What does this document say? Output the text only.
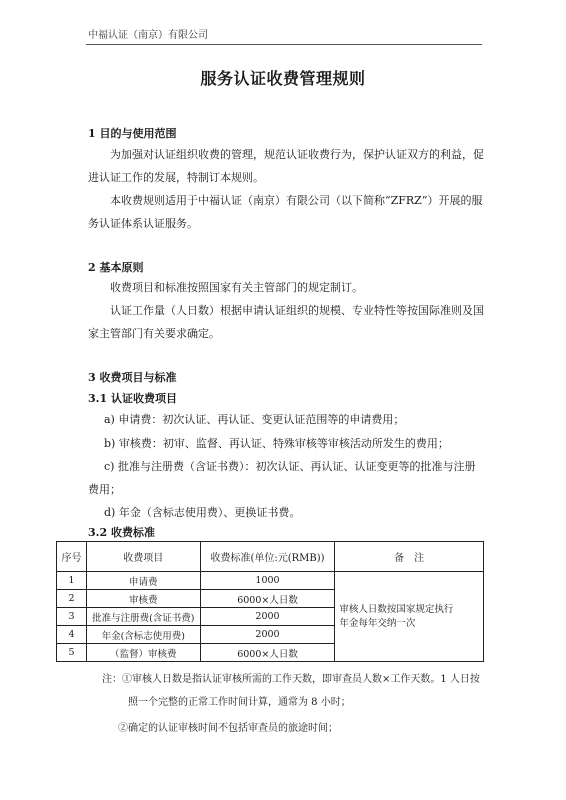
中福认证（南京）有限公司
服务认证收费管理规则
1 目的与使用范围
为加强对认证组织收费的管理，规范认证收费行为，保护认证双方的利益，促进认证工作的发展，特制订本规则。
本收费规则适用于中福认证（南京）有限公司（以下简称“ZFRZ”）开展的服务认证体系认证服务。
2 基本原则
收费项目和标准按照国家有关主管部门的规定制订。
认证工作量（人日数）根据申请认证组织的规模、专业特性等按国际准则及国家主管部门有关要求确定。
3 收费项目与标准
3.1 认证收费项目
a) 申请费：初次认证、再认证、变更认证范围等的申请费用；
b) 审核费：初审、监督、再认证、特殊审核等审核活动所发生的费用；
c) 批准与注册费（含证书费）：初次认证、再认证、认证变更等的批准与注册费用；
d) 年金（含标志使用费）、更换证书费。
3.2 收费标准
序号	收费项目	收费标准(单位:元(RMB))	备　注
1	申请费	1000	审核人日数按国家规定执行
年金每年交纳一次

2	审核费	6000×人日数	
3	批准与注册费(含证书费)	2000	
4	年金(含标志使用费)	2000	
5	（监督）审核费	6000×人日数	
注：①审核人日数是指认证审核所需的工作天数，即审查员人数×工作天数。1 人日按
照一个完整的正常工作时间计算，通常为 8 小时；
②确定的认证审核时间不包括审查员的旅途时间；
